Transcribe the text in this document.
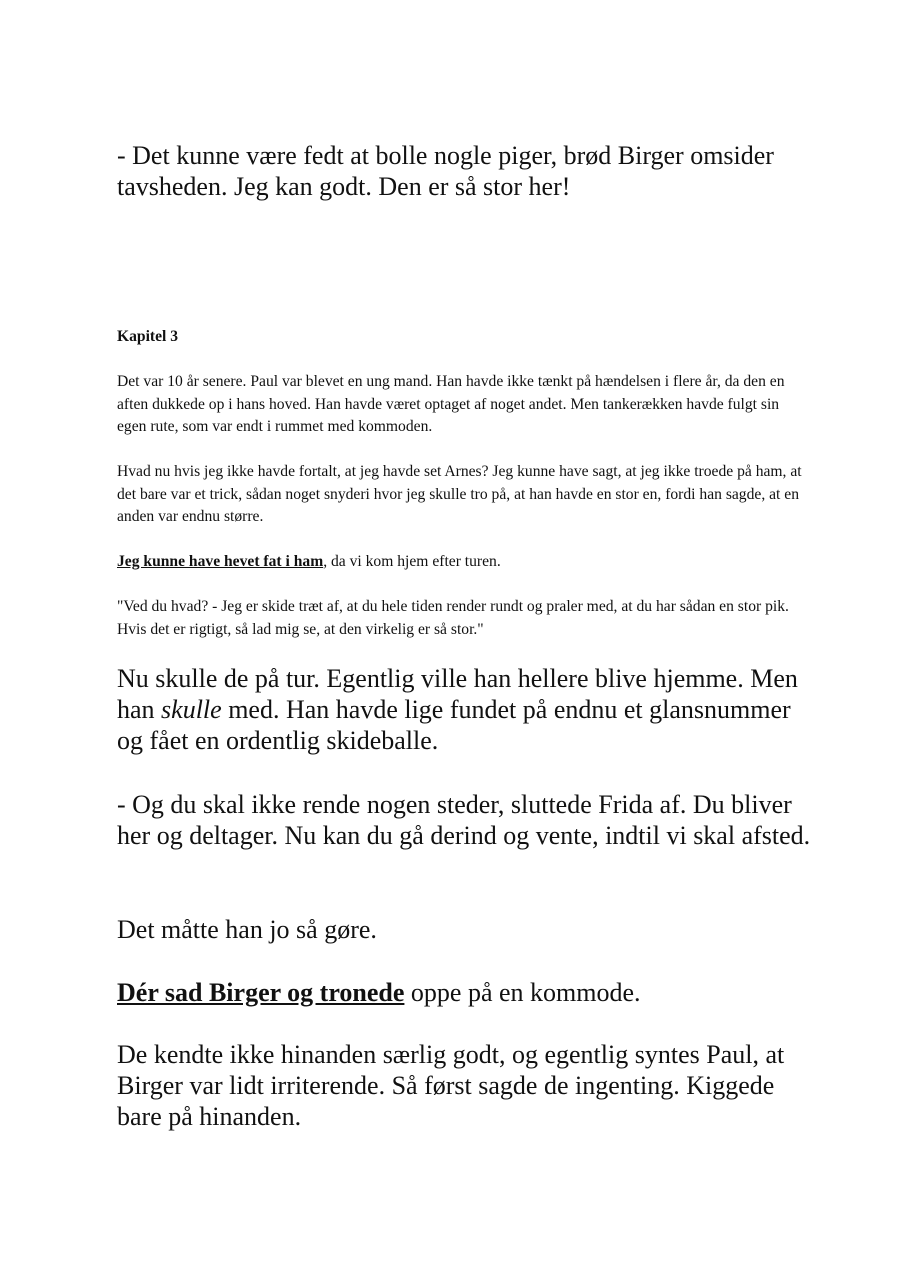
- Det kunne være fedt at bolle nogle piger, brød Birger omsider tavsheden. Jeg kan godt. Den er så stor her!

Kapitel 3

Det var 10 år senere. Paul var blevet en ung mand. Han havde ikke tænkt på hændelsen i flere år, da den en aften dukkede op i hans hoved. Han havde været optaget af noget andet. Men tankerækken havde fulgt sin egen rute, som var endt i rummet med kommoden.

Hvad nu hvis jeg ikke havde fortalt, at jeg havde set Arnes? Jeg kunne have sagt, at jeg ikke troede på ham, at det bare var et trick, sådan noget snyderi hvor jeg skulle tro på, at han havde en stor en, fordi han sagde, at en anden var endnu større.

Jeg kunne have hevet fat i ham, da vi kom hjem efter turen.

"Ved du hvad? - Jeg er skide træt af, at du hele tiden render rundt og praler med, at du har sådan en stor pik. Hvis det er rigtigt, så lad mig se, at den virkelig er så stor."

Nu skulle de på tur. Egentlig ville han hellere blive hjemme. Men han skulle med. Han havde lige fundet på endnu et glansnummer og fået en ordentlig skideballe.

- Og du skal ikke rende nogen steder, sluttede Frida af. Du bliver her og deltager. Nu kan du gå derind og vente, indtil vi skal afsted.

Det måtte han jo så gøre.

Dér sad Birger og tronede oppe på en kommode.

De kendte ikke hinanden særlig godt, og egentlig syntes Paul, at Birger var lidt irriterende. Så først sagde de ingenting. Kiggede bare på hinanden.
